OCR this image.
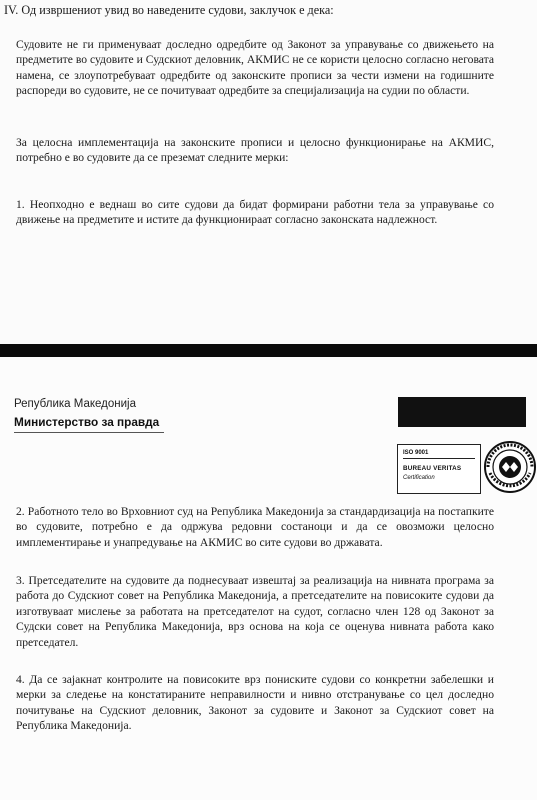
IV. Од извршениот увид во наведените судови, заклучок е дека:
Судовите не ги применуваат доследно одредбите од Законот за управување со движењето на предметите во судовите и Судскиот деловник, АКМИС не се користи целосно согласно неговата намена, се злоупотребуваат одредбите од законските прописи за чести измени на годишните распореди во судовите, не се почитуваат одредбите за специјализација на судии по области.
За целосна имплементација на законските прописи и целосно функционирање на АКМИС, потребно е во судовите да се преземат следните мерки:
1. Неопходно е веднаш во сите судови да бидат формирани работни тела за управување со движење на предметите и истите да функционираат согласно законската надлежност.
Република Македонија
Министерство за правда
ISO 9001
BUREAU VERITAS
Certification
2. Работното тело во Врховниот суд на Република Македонија за стандардизација на постапките во судовите, потребно е да одржува редовни состаноци и да се овозможи целосно имплементирање и унапредување на АКМИС во сите судови во државата.
3. Претседателите на судовите да поднесуваат извештај за реализација на нивната програма за работа до Судскиот совет на Република Македонија, а претседателите на повисоките судови да изготвуваат мислење за работата на претседателот на судот, согласно член 128 од Законот за Судски совет на Република Македонија, врз основа на која се оценува нивната работа како претседател.
4. Да се зајакнат контролите на повисоките врз пониските судови со конкретни забелешки и мерки за следење на констатираните неправилности и нивно отстранување со цел доследно почитување на Судскиот деловник, Законот за судовите и Законот за Судскиот совет на Република Македонија.
